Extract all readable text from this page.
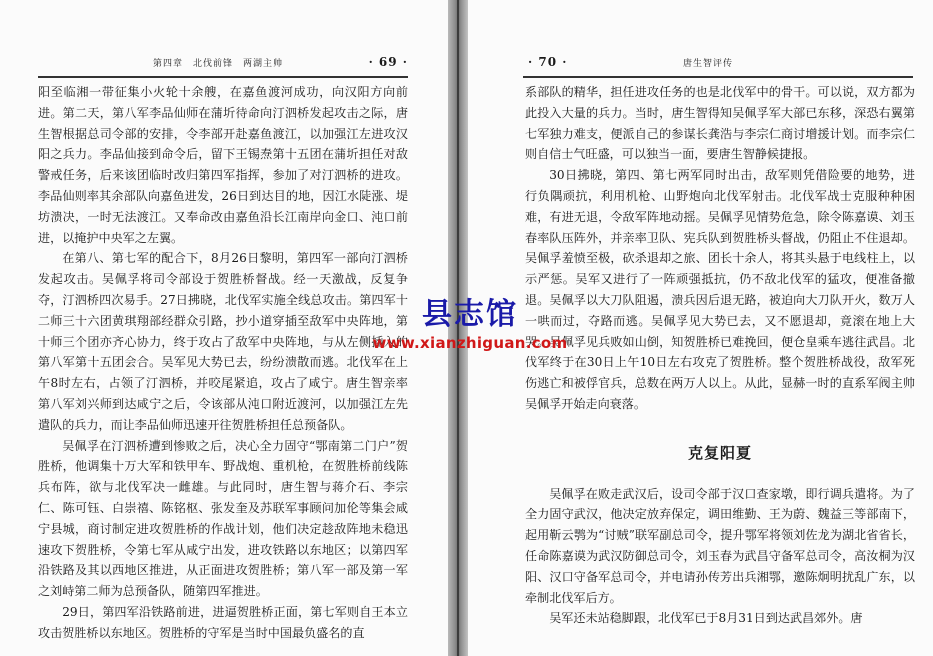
第四章　北伐前锋　两湖主帅	· 69 ·

阳至临湘一带征集小火轮十余艘，在嘉鱼渡河成功，向汉阳方向前进。第二天，第八军李品仙师在蒲圻待命向汀泗桥发起攻击之际，唐生智根据总司令部的安排，令李部开赴嘉鱼渡江，以加强江左进攻汉阳之兵力。李品仙接到命令后，留下王锡焘第十五团在蒲圻担任对敌警戒任务，后来该团临时改归第四军指挥，参加了对汀泗桥的进攻。李品仙则率其余部队向嘉鱼进发，26日到达目的地，因江水陡涨、堤坊溃决，一时无法渡江。又奉命改由嘉鱼沿长江南岸向金口、沌口前进，以掩护中央军之左翼。

在第八、第七军的配合下，8月26日黎明，第四军一部向汀泗桥发起攻击。吴佩孚将司令部设于贺胜桥督战。经一天激战，反复争夺，汀泗桥四次易手。27日拂晓，北伐军实施全线总攻击。第四军十二师三十六团黄琪翔部经群众引路，抄小道穿插至敌军中央阵地，第十师三个团亦齐心协力，终于攻占了敌军中央阵地，与从左侧插入的第八军第十五团会合。吴军见大势已去，纷纷溃散而逃。北伐军在上午8时左右，占领了汀泗桥，并咬尾紧追，攻占了咸宁。唐生智亲率第八军刘兴师到达咸宁之后，令该部从沌口附近渡河，以加强江左先遣队的兵力，而让李品仙师迅速开往贺胜桥担任总预备队。

吴佩孚在汀泗桥遭到惨败之后，决心全力固守“鄂南第二门户”贺胜桥，他调集十万大军和铁甲车、野战炮、重机枪，在贺胜桥前线陈兵布阵，欲与北伐军决一雌雄。与此同时，唐生智与蒋介石、李宗仁、陈可钰、白崇禧、陈铭枢、张发奎及苏联军事顾问加伦等集会咸宁县城，商讨制定进攻贺胜桥的作战计划，他们决定趁敌阵地未稳迅速攻下贺胜桥，令第七军从咸宁出发，进攻铁路以东地区；以第四军沿铁路及其以西地区推进，从正面进攻贺胜桥；第八军一部及第一军之刘峙第二师为总预备队，随第四军推进。

29日，第四军沿铁路前进，进逼贺胜桥正面，第七军则自王本立攻击贺胜桥以东地区。贺胜桥的守军是当时中国最负盛名的直

· 70 ·	唐生智评传

系部队的精华，担任进攻任务的也是北伐军中的骨干。可以说，双方都为此投入大量的兵力。当时，唐生智得知吴佩孚军大部已东移，深恐右翼第七军独力难支，便派自己的参谋长龚浩与李宗仁商讨增援计划。而李宗仁则自信士气旺盛，可以独当一面，要唐生智静候捷报。

30日拂晓，第四、第七两军同时出击，敌军则凭借险要的地势，进行负隅顽抗，利用机枪、山野炮向北伐军射击。北伐军战士克服种种困难，有进无退，令敌军阵地动摇。吴佩孚见情势危急，除令陈嘉谟、刘玉春率队压阵外，并亲率卫队、宪兵队到贺胜桥头督战，仍阻止不住退却。吴佩孚羞愤至极，砍杀退却之旅、团长十余人，将其头悬于电线柱上，以示严惩。吴军又进行了一阵顽强抵抗，仍不敌北伐军的猛攻，便准备撤退。吴佩孚以大刀队阻遏，溃兵因后退无路，被迫向大刀队开火，数万人一哄而过，夺路而逃。吴佩孚见大势已去，又不愿退却，竟滚在地上大哭。吴佩孚见兵败如山倒，知贺胜桥已难挽回，便仓皇乘车逃往武昌。北伐军终于在30日上午10日左右攻克了贺胜桥。整个贺胜桥战役，敌军死伤逃亡和被俘官兵，总数在两万人以上。从此，显赫一时的直系军阀主帅吴佩孚开始走向衰落。

克复阳夏

吴佩孚在败走武汉后，设司令部于汉口查家墩，即行调兵遣将。为了全力固守武汉，他决定放弃保定，调田维勤、王为蔚、魏益三等部南下，起用靳云鹗为“讨贼”联军副总司令，提升鄂军将领刘佐龙为湖北省省长，任命陈嘉谟为武汉防御总司令，刘玉春为武昌守备军总司令，高汝桐为汉阳、汉口守备军总司令，并电请孙传芳出兵湘鄂，邀陈炯明扰乱广东，以牵制北伐军后方。

吴军还未站稳脚跟，北伐军已于8月31日到达武昌郊外。唐

县志馆
www.xianzhiguan.com
